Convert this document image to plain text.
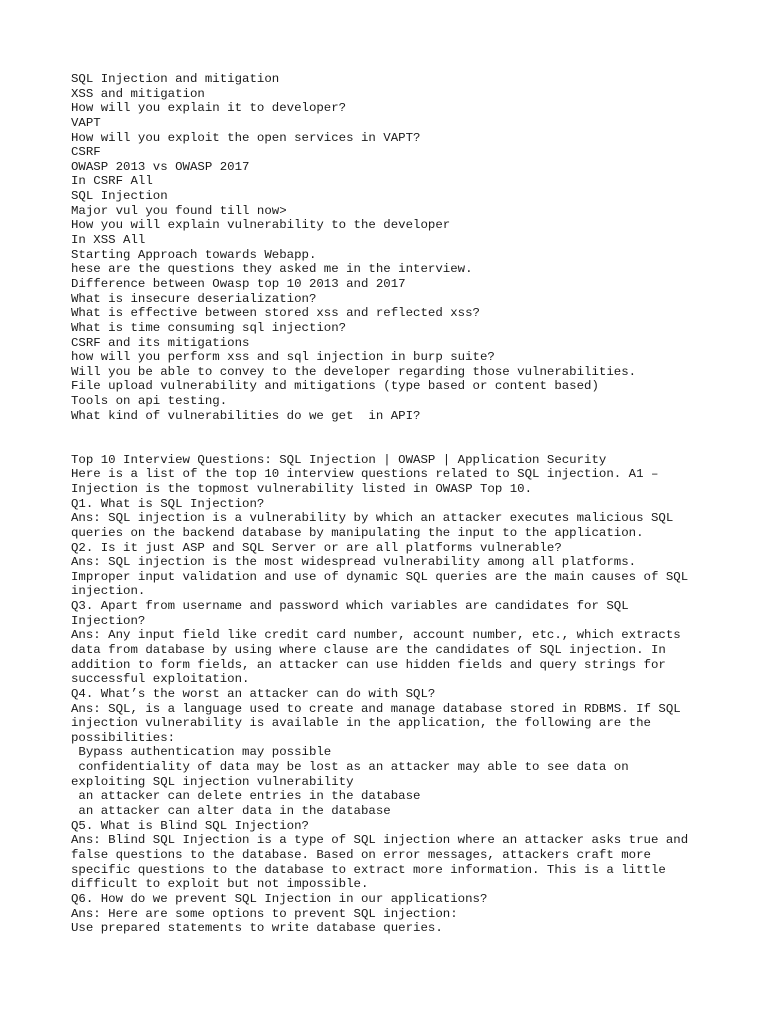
SQL Injection and mitigation
XSS and mitigation
How will you explain it to developer?
VAPT
How will you exploit the open services in VAPT?
CSRF
OWASP 2013 vs OWASP 2017
In CSRF All
SQL Injection
Major vul you found till now>
How you will explain vulnerability to the developer
In XSS All
Starting Approach towards Webapp.
hese are the questions they asked me in the interview.
Difference between Owasp top 10 2013 and 2017
What is insecure deserialization?
What is effective between stored xss and reflected xss?
What is time consuming sql injection?
CSRF and its mitigations
how will you perform xss and sql injection in burp suite?
Will you be able to convey to the developer regarding those vulnerabilities.
File upload vulnerability and mitigations (type based or content based)
Tools on api testing.
What kind of vulnerabilities do we get  in API?
Top 10 Interview Questions: SQL Injection | OWASP | Application Security
Here is a list of the top 10 interview questions related to SQL injection. A1 –
Injection is the topmost vulnerability listed in OWASP Top 10.
Q1. What is SQL Injection?
Ans: SQL injection is a vulnerability by which an attacker executes malicious SQL
queries on the backend database by manipulating the input to the application.
Q2. Is it just ASP and SQL Server or are all platforms vulnerable?
Ans: SQL injection is the most widespread vulnerability among all platforms.
Improper input validation and use of dynamic SQL queries are the main causes of SQL
injection.
Q3. Apart from username and password which variables are candidates for SQL
Injection?
Ans: Any input field like credit card number, account number, etc., which extracts
data from database by using where clause are the candidates of SQL injection. In
addition to form fields, an attacker can use hidden fields and query strings for
successful exploitation.
Q4. What’s the worst an attacker can do with SQL?
Ans: SQL, is a language used to create and manage database stored in RDBMS. If SQL
injection vulnerability is available in the application, the following are the
possibilities:
Bypass authentication may possible
confidentiality of data may be lost as an attacker may able to see data on
exploiting SQL injection vulnerability
an attacker can delete entries in the database
an attacker can alter data in the database
Q5. What is Blind SQL Injection?
Ans: Blind SQL Injection is a type of SQL injection where an attacker asks true and
false questions to the database. Based on error messages, attackers craft more
specific questions to the database to extract more information. This is a little
difficult to exploit but not impossible.
Q6. How do we prevent SQL Injection in our applications?
Ans: Here are some options to prevent SQL injection:
Use prepared statements to write database queries.
